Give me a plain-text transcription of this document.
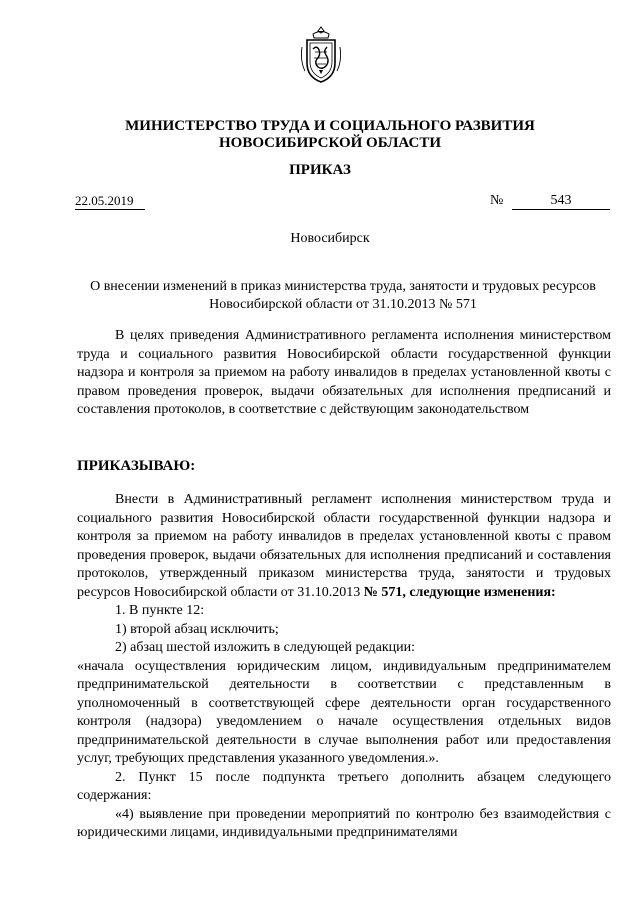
МИНИСТЕРСТВО ТРУДА И СОЦИАЛЬНОГО РАЗВИТИЯ НОВОСИБИРСКОЙ ОБЛАСТИ
ПРИКАЗ
22.05.2019	№	543
Новосибирск
О внесении изменений в приказ министерства труда, занятости и трудовых ресурсов Новосибирской области от 31.10.2013 № 571

В целях приведения Административного регламента исполнения министерством труда и социального развития Новосибирской области государственной функции надзора и контроля за приемом на работу инвалидов в пределах установленной квоты с правом проведения проверок, выдачи обязательных для исполнения предписаний и составления протоколов, в соответствие с действующим законодательством

ПРИКАЗЫВАЮ:

Внести в Административный регламент исполнения министерством труда и социального развития Новосибирской области государственной функции надзора и контроля за приемом на работу инвалидов в пределах установленной квоты с правом проведения проверок, выдачи обязательных для исполнения предписаний и составления протоколов, утвержденный приказом министерства труда, занятости и трудовых ресурсов Новосибирской области от 31.10.2013 № 571, следующие изменения:

1. В пункте 12:

1) второй абзац исключить;

2) абзац шестой изложить в следующей редакции:

«начала осуществления юридическим лицом, индивидуальным предпринимателем предпринимательской деятельности в соответствии с представленным в уполномоченный в соответствующей сфере деятельности орган государственного контроля (надзора) уведомлением о начале осуществления отдельных видов предпринимательской деятельности в случае выполнения работ или предоставления услуг, требующих представления указанного уведомления.».

2. Пункт 15 после подпункта третьего дополнить абзацем следующего содержания:

«4) выявление при проведении мероприятий по контролю без взаимодействия с юридическими лицами, индивидуальными предпринимателями
